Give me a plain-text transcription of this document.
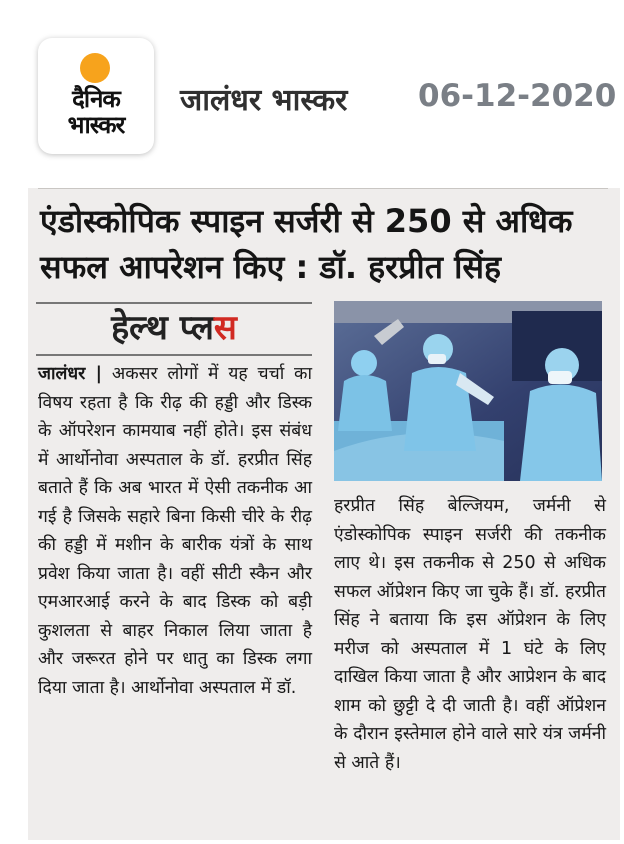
दैनिक
भास्कर
जालंधर भास्कर 06-12-2020
एंडोस्कोपिक स्पाइन सर्जरी से 250 से अधिक
सफल आपरेशन किए : डॉ. हरप्रीत सिंह
हेल्थ प्लस
जालंधर | अकसर लोगों में यह चर्चा का विषय रहता है कि रीढ़ की हड्डी और डिस्क के ऑपरेशन कामयाब नहीं होते। इस संबंध में आर्थोनोवा अस्पताल के डॉ. हरप्रीत सिंह बताते हैं कि अब भारत में ऐसी तकनीक आ गई है जिसके सहारे बिना किसी चीरे के रीढ़ की हड्डी में मशीन के बारीक यंत्रों के साथ प्रवेश किया जाता है। वहीं सीटी स्कैन और एमआरआई करने के बाद डिस्क को बड़ी कुशलता से बाहर निकाल लिया जाता है और जरूरत होने पर धातु का डिस्क लगा दिया जाता है। आर्थोनोवा अस्पताल में डॉ.
हरप्रीत सिंह बेल्जियम, जर्मनी से एंडोस्कोपिक स्पाइन सर्जरी की तकनीक लाए थे। इस तकनीक से 250 से अधिक सफल ऑप्रेशन किए जा चुके हैं। डॉ. हरप्रीत सिंह ने बताया कि इस ऑप्रेशन के लिए मरीज को अस्पताल में 1 घंटे के लिए दाखिल किया जाता है और आप्रेशन के बाद शाम को छुट्टी दे दी जाती है। वहीं ऑप्रेशन के दौरान इस्तेमाल होने वाले सारे यंत्र जर्मनी से आते हैं।
